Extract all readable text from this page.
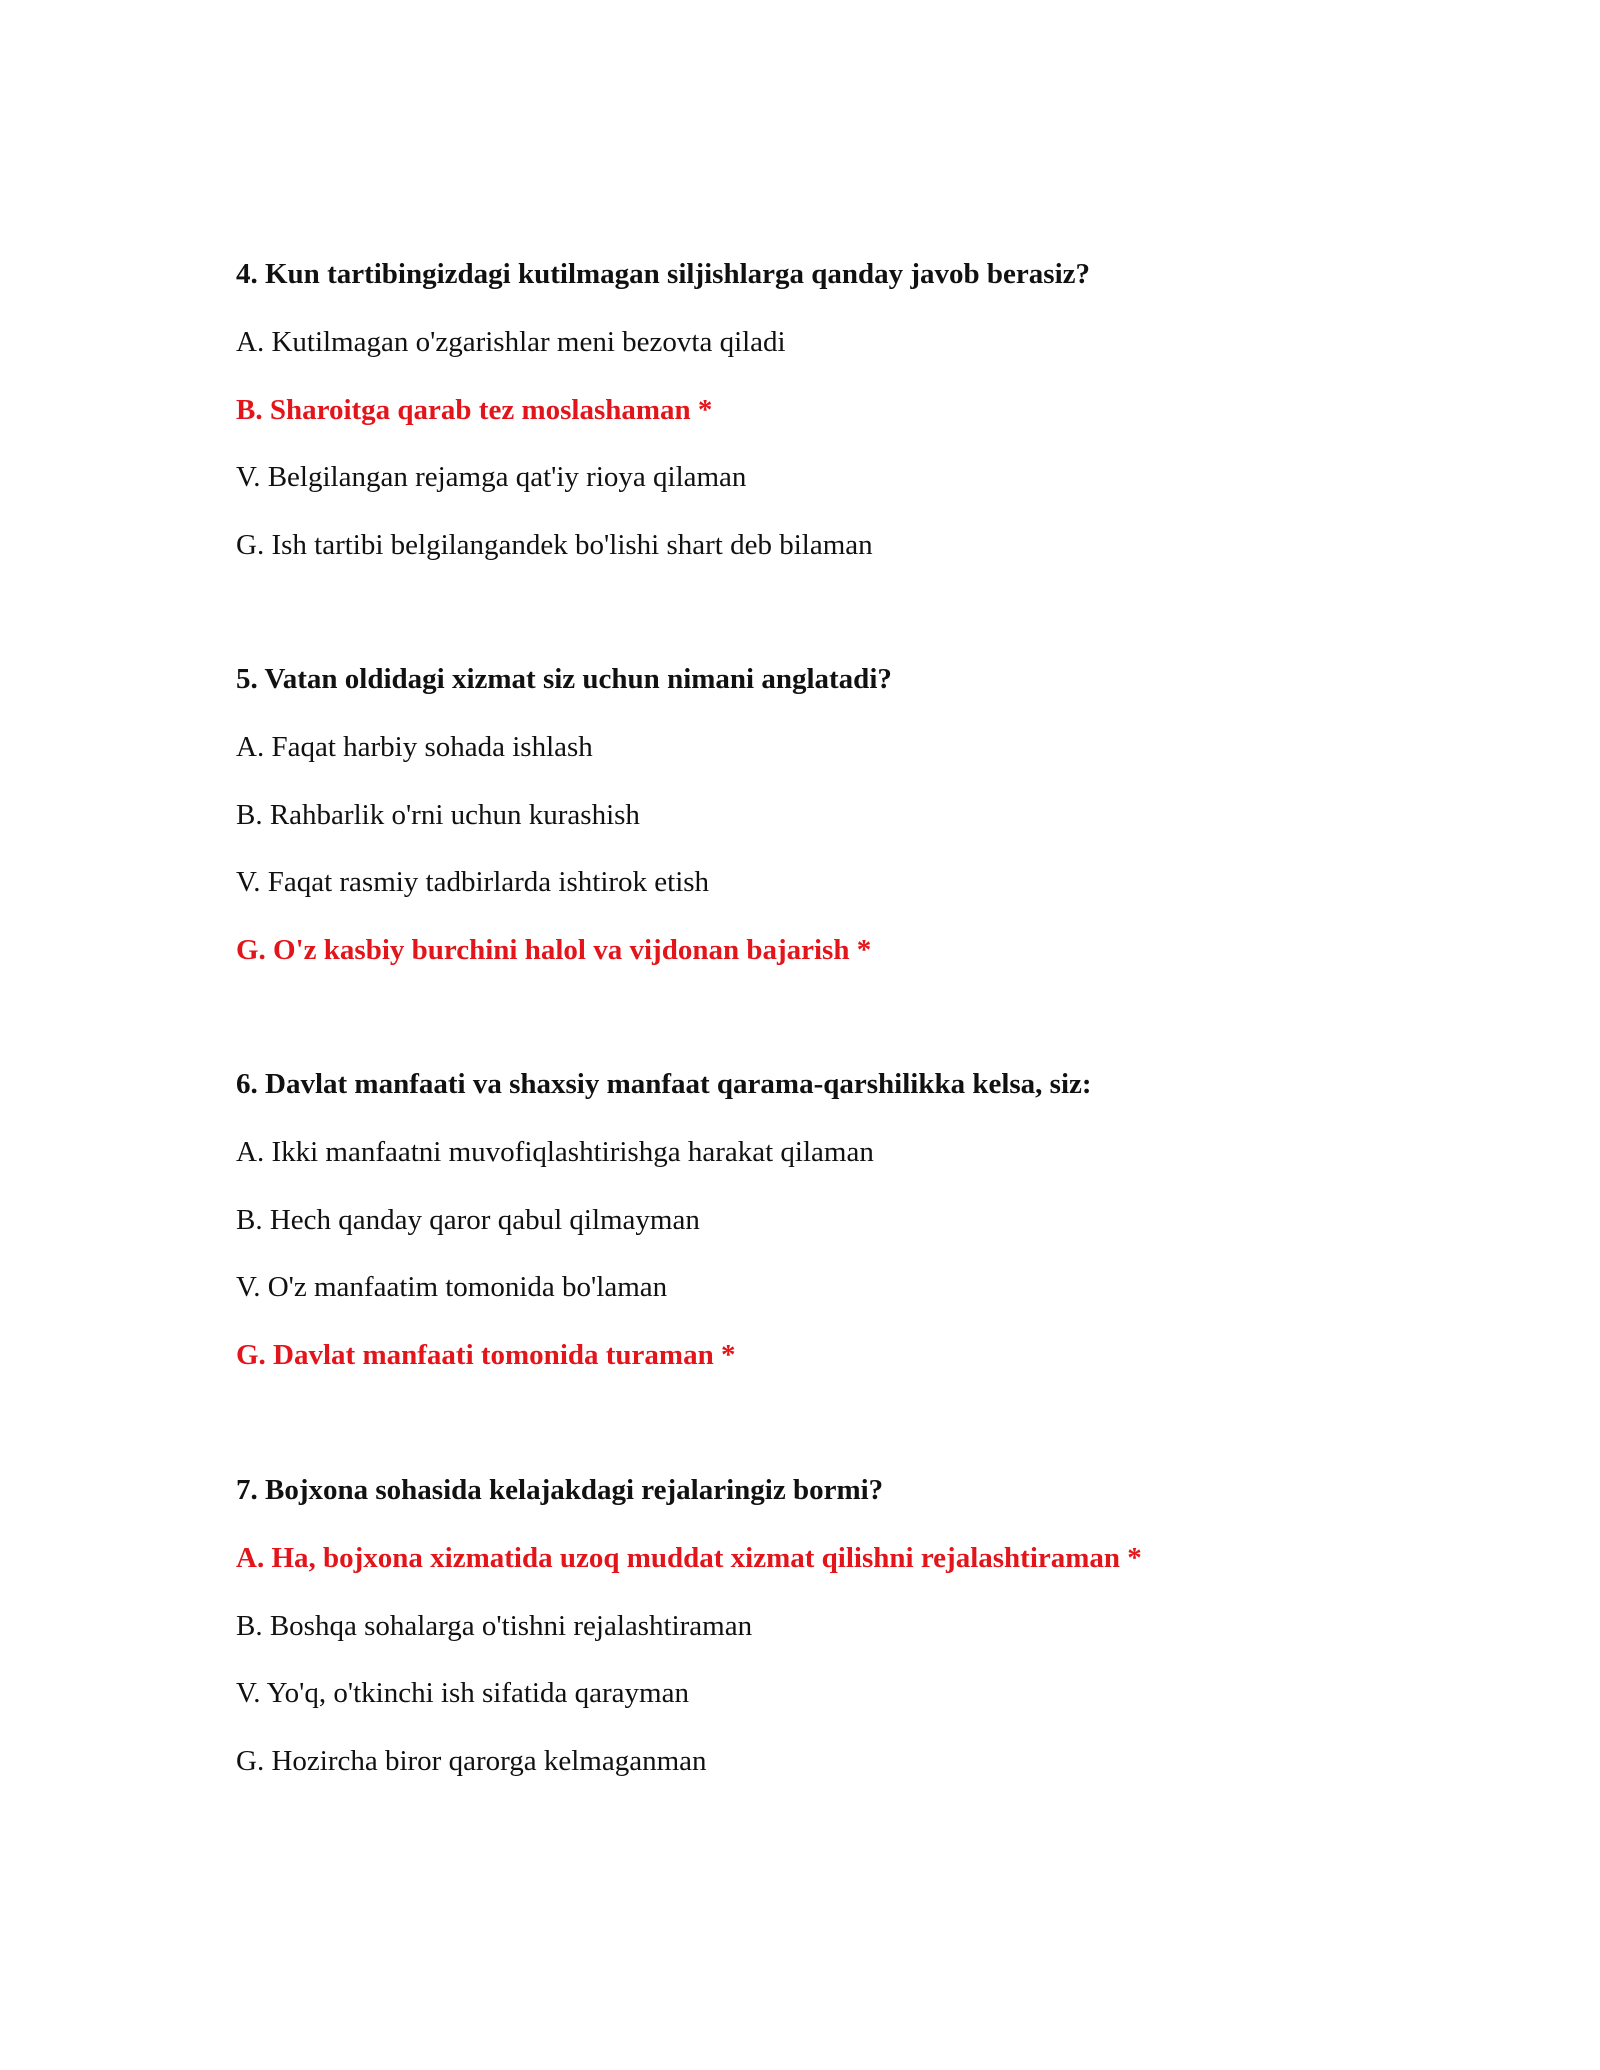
4. Kun tartibingizdagi kutilmagan siljishlarga qanday javob berasiz?
A. Kutilmagan o'zgarishlar meni bezovta qiladi
B. Sharoitga qarab tez moslashaman *
V. Belgilangan rejamga qat'iy rioya qilaman
G. Ish tartibi belgilangandek bo'lishi shart deb bilaman
5. Vatan oldidagi xizmat siz uchun nimani anglatadi?
A. Faqat harbiy sohada ishlash
B. Rahbarlik o'rni uchun kurashish
V. Faqat rasmiy tadbirlarda ishtirok etish
G. O'z kasbiy burchini halol va vijdonan bajarish *
6. Davlat manfaati va shaxsiy manfaat qarama-qarshilikka kelsa, siz:
A. Ikki manfaatni muvofiqlashtirishga harakat qilaman
B. Hech qanday qaror qabul qilmayman
V. O'z manfaatim tomonida bo'laman
G. Davlat manfaati tomonida turaman *
7. Bojxona sohasida kelajakdagi rejalaringiz bormi?
A. Ha, bojxona xizmatida uzoq muddat xizmat qilishni rejalashtiraman *
B. Boshqa sohalarga o'tishni rejalashtiraman
V. Yo'q, o'tkinchi ish sifatida qarayman
G. Hozircha biror qarorga kelmaganman
